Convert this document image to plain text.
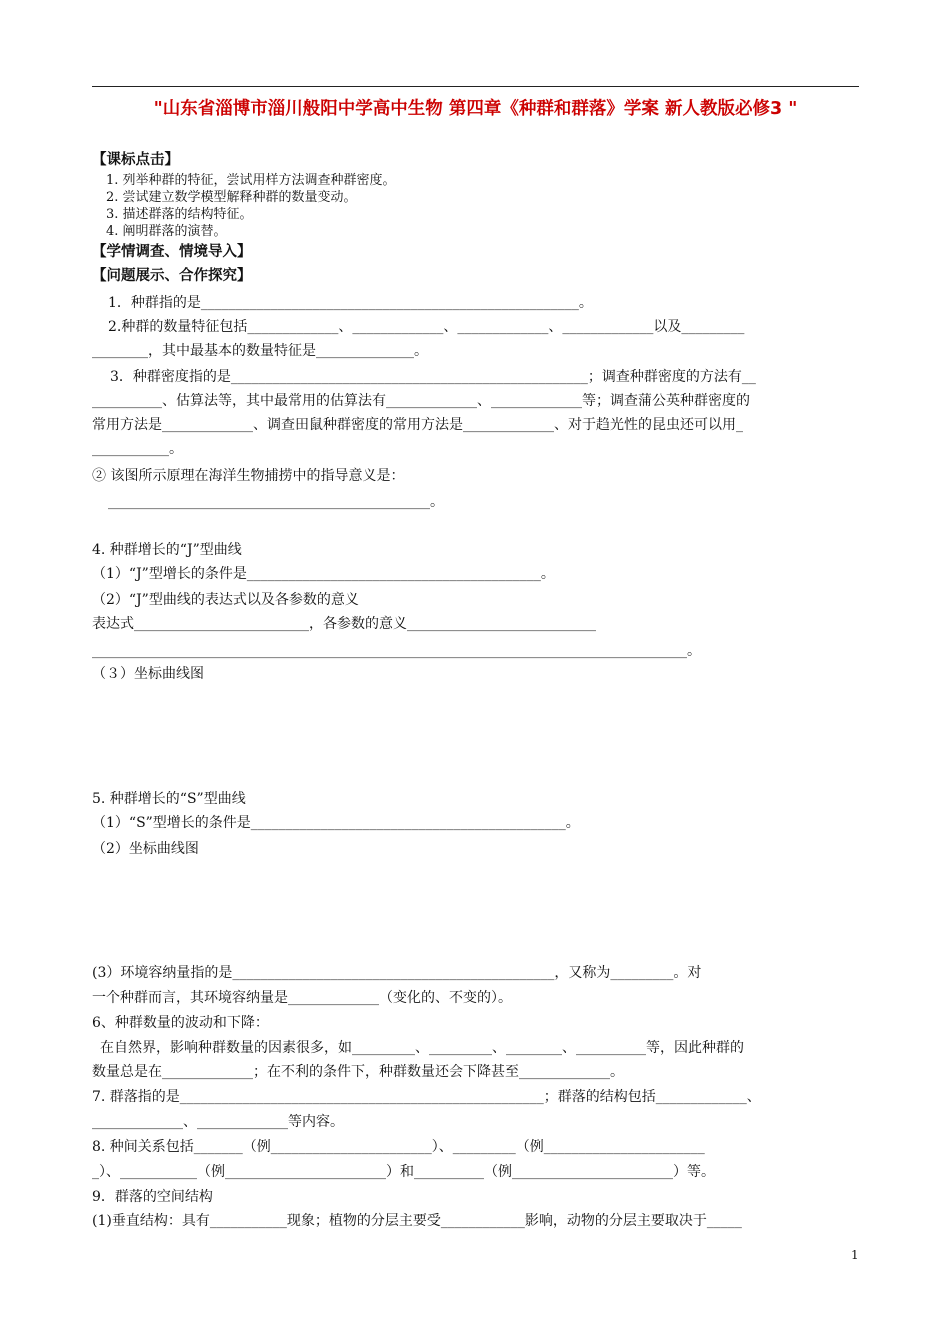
"山东省淄博市淄川般阳中学高中生物 第四章《种群和群落》学案 新人教版必修3 "
【课标点击】
1. 列举种群的特征，尝试用样方法调查种群密度。
2. 尝试建立数学模型解释种群的数量变动。
3. 描述群落的结构特征。
4. 阐明群落的演替。
【学情调查、情境导入】
【问题展示、合作探究】
1．种群指的是______________________________________________________。
2.种群的数量特征包括_____________、_____________、_____________、_____________以及_________
________，其中最基本的数量特征是______________。
3．种群密度指的是___________________________________________________；调查种群密度的方法有__
__________、估算法等，其中最常用的估算法有_____________、_____________等；调查蒲公英种群密度的
常用方法是_____________、调查田鼠种群密度的常用方法是_____________、对于趋光性的昆虫还可以用_
___________。
② 该图所示原理在海洋生物捕捞中的指导意义是：
______________________________________________。
4. 种群增长的“J”型曲线
（1）“J”型增长的条件是__________________________________________。
（2）“J”型曲线的表达式以及各参数的意义
表达式_________________________，各参数的意义___________________________
_____________________________________________________________________________________。
（３）坐标曲线图
5. 种群增长的“S”型曲线
（1）“S”型增长的条件是_____________________________________________。
（2）坐标曲线图
(3）环境容纳量指的是______________________________________________，又称为_________。对
一个种群而言，其环境容纳量是_____________（变化的、不变的）。
6、种群数量的波动和下降：
在自然界，影响种群数量的因素很多，如_________、_________、________、__________等，因此种群的
数量总是在_____________；在不利的条件下，种群数量还会下降甚至_____________。
7. 群落指的是____________________________________________________；群落的结构包括_____________、
_____________、_____________等内容。
8. 种间关系包括_______（例_______________________）、_________（例_______________________
_）、___________（例_______________________）和__________（例_______________________）等。
9．群落的空间结构
(1)垂直结构：具有___________现象；植物的分层主要受____________影响，动物的分层主要取决于_____
1
